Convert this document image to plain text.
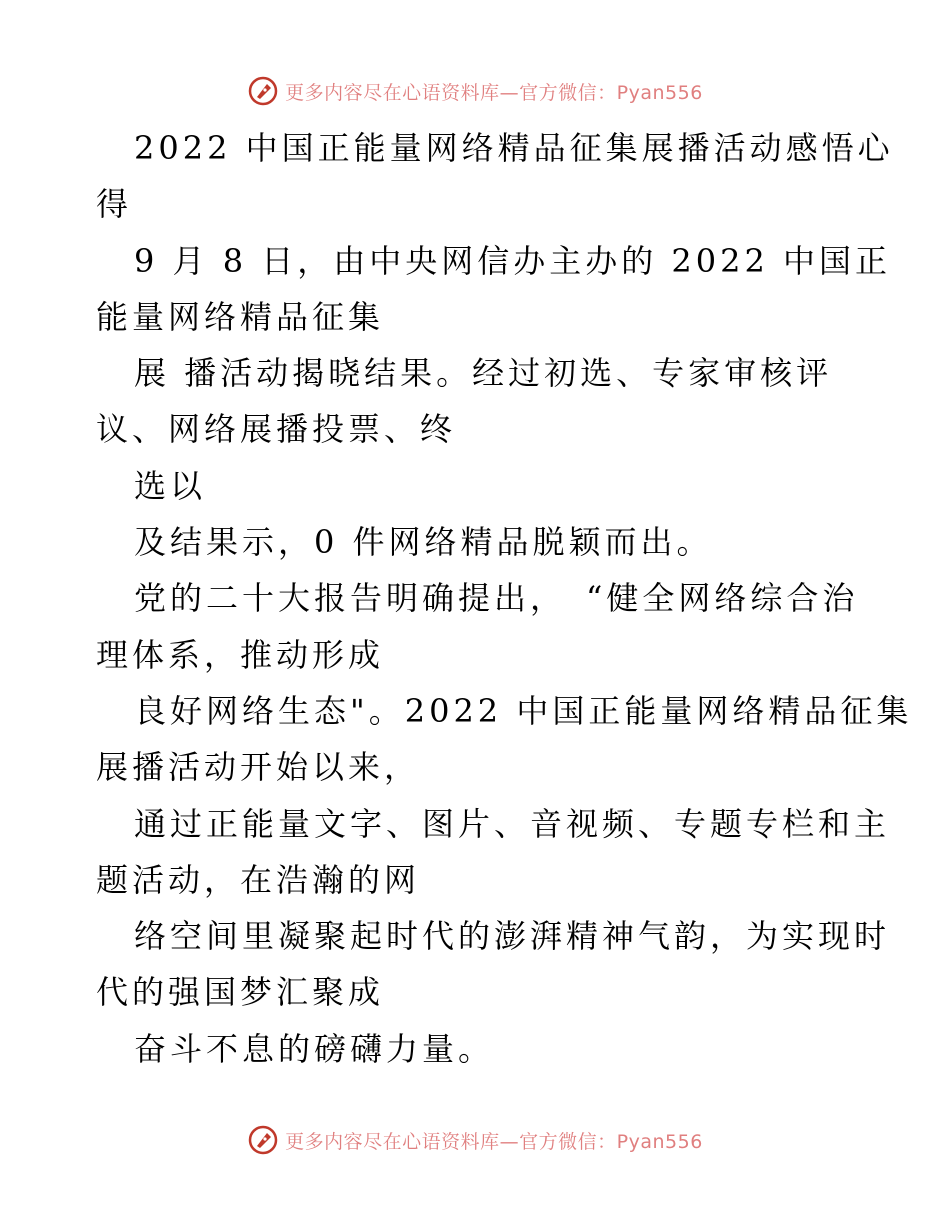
更多内容尽在心语资料库—官方微信：Pyan556
2022 中国正能量网络精品征集展播活动感悟心
得
9 月 8 日，由中央网信办主办的 2022 中国正
能量网络精品征集
展 播活动揭晓结果。经过初选、专家审核评
议、网络展播投票、终
选以
及结果示，0 件网络精品脱颖而出。
党的二十大报告明确提出，　“健全网络综合治
理体系，推动形成
良好网络生态"。2022 中国正能量网络精品征集
展播活动开始以来，
通过正能量文字、图片、音视频、专题专栏和主
题活动，在浩瀚的网
络空间里凝聚起时代的澎湃精神气韵，为实现时
代的强国梦汇聚成
奋斗不息的磅礴力量。
更多内容尽在心语资料库—官方微信：Pyan556
